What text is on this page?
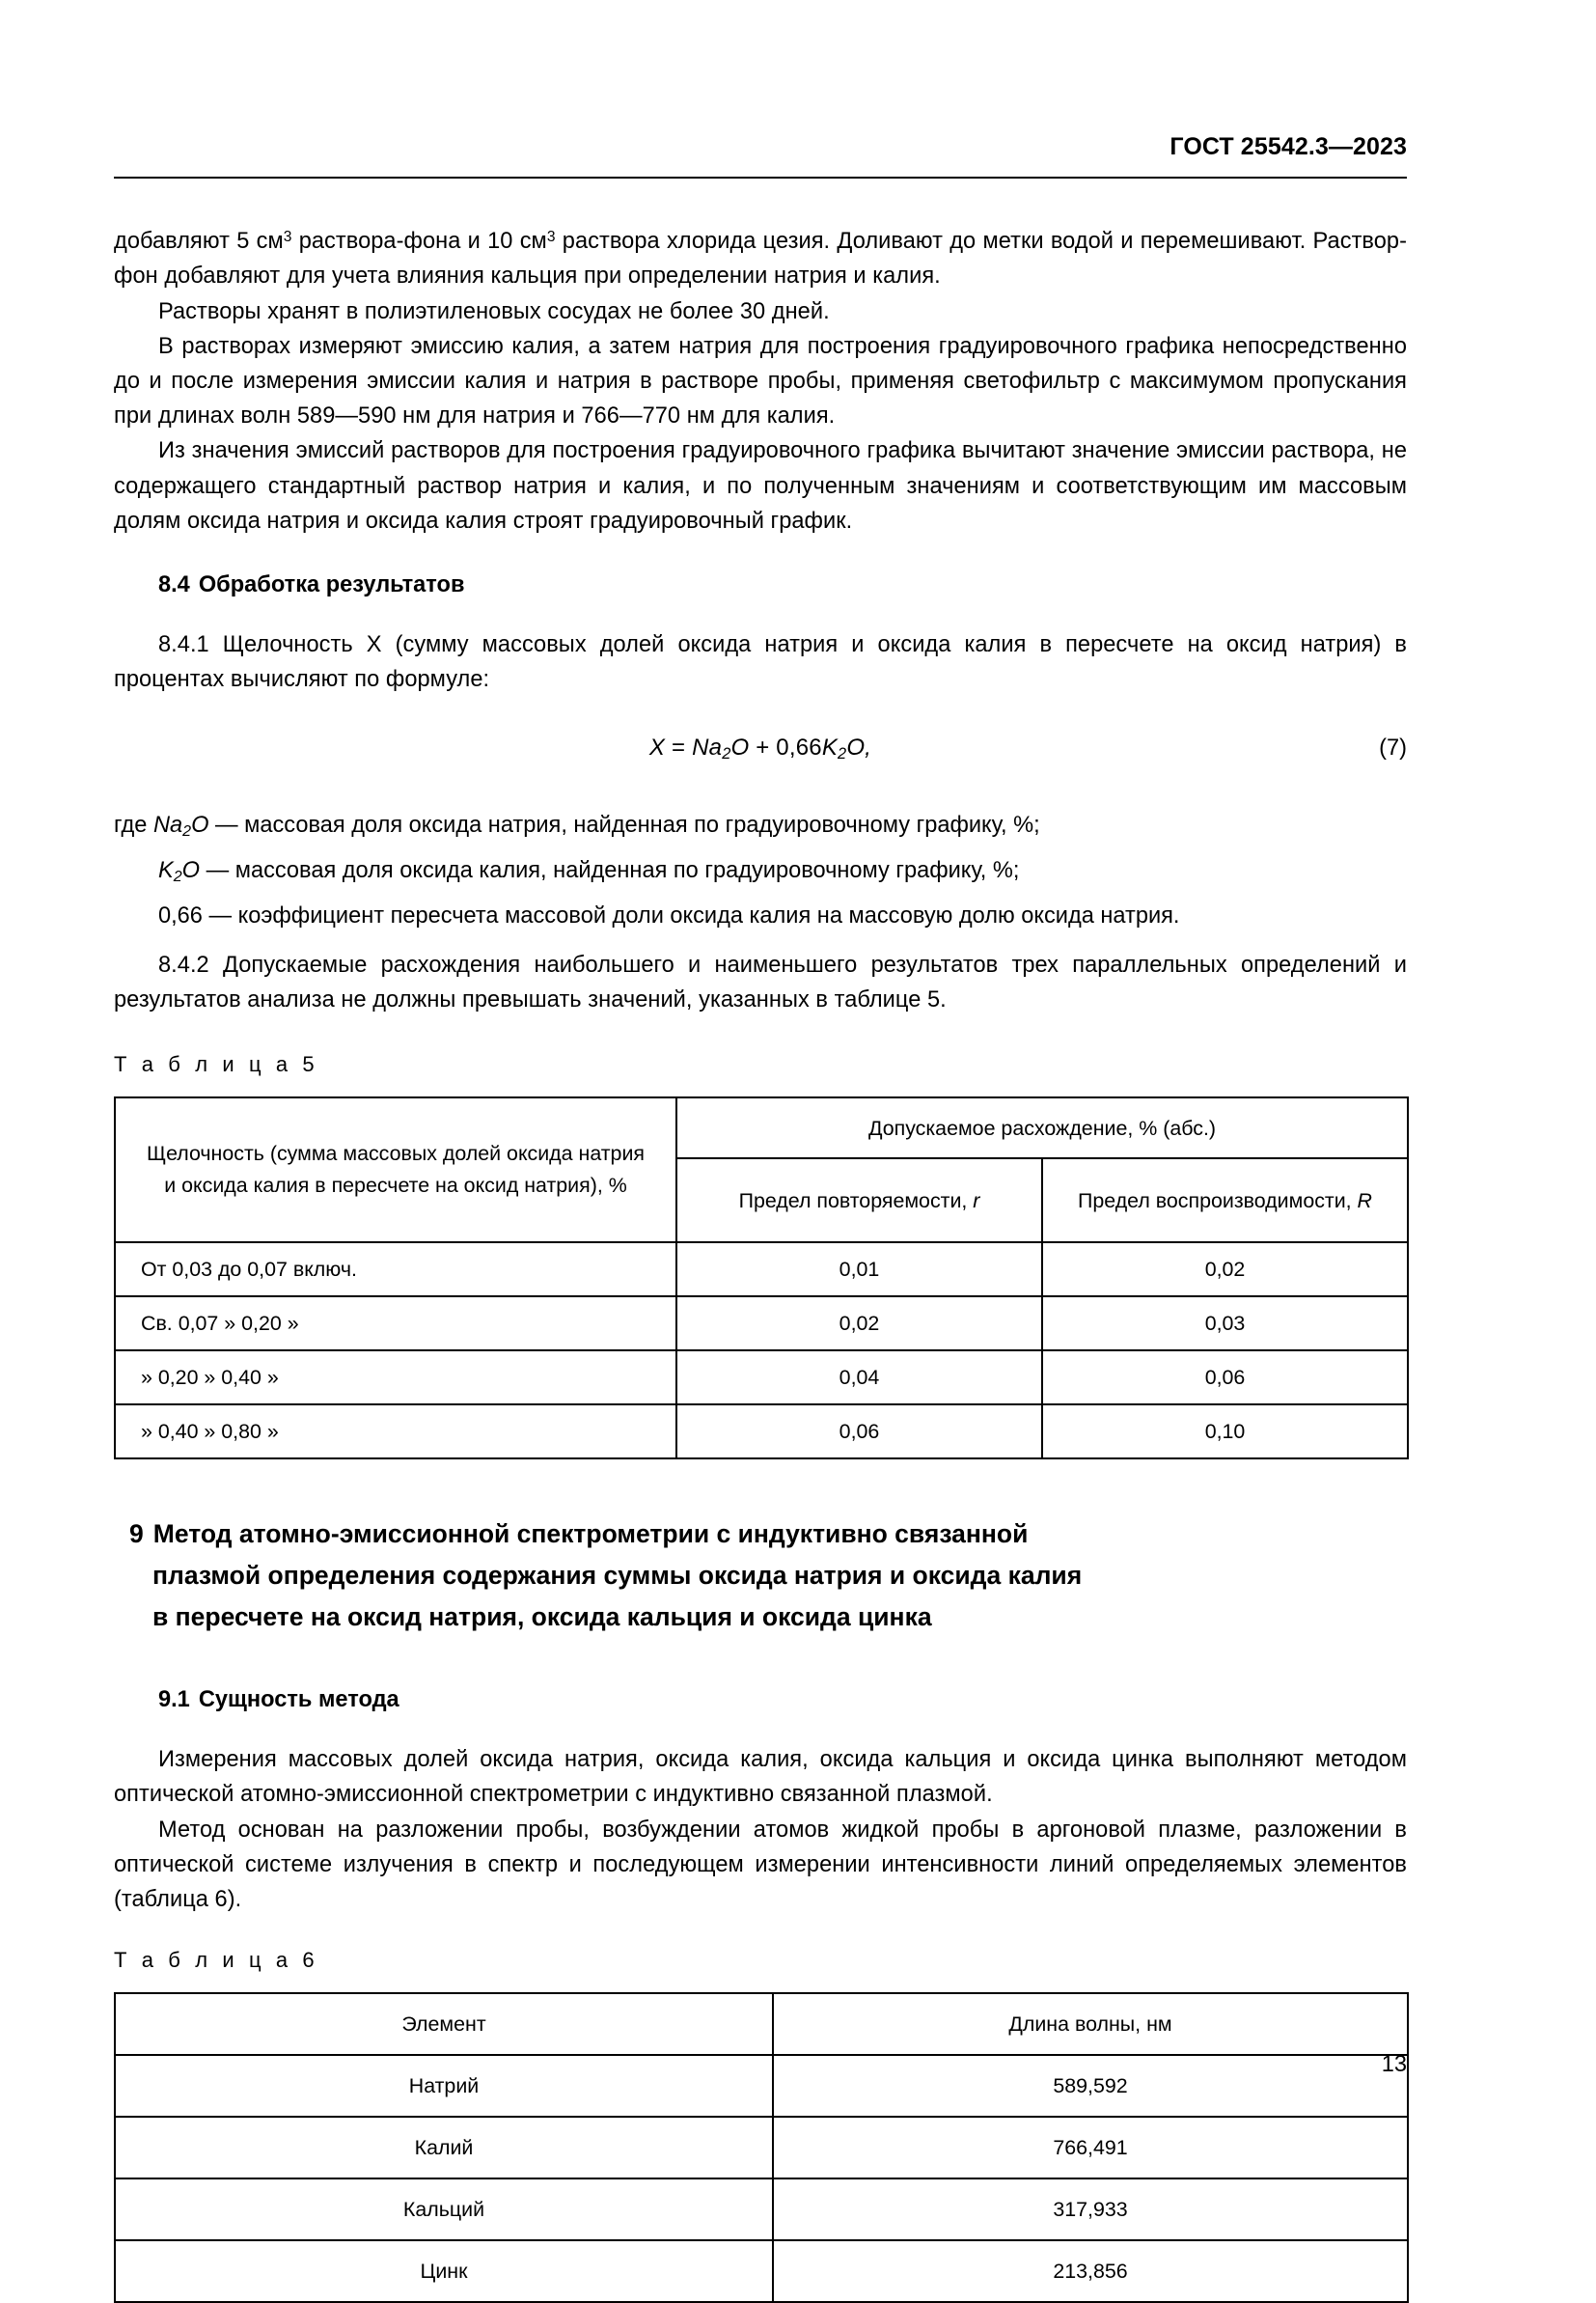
ГОСТ 25542.3—2023

добавляют 5 $см^3$ раствора-фона и 10 $см^3$ раствора хлорида цезия. Доливают до метки водой и перемешивают. Раствор-фон добавляют для учета влияния кальция при определении натрия и калия.

Растворы хранят в полиэтиленовых сосудах не более 30 дней.

В растворах измеряют эмиссию калия, а затем натрия для построения градуировочного графика непосредственно до и после измерения эмиссии калия и натрия в растворе пробы, применяя светофильтр с максимумом пропускания при длинах волн 589—590 нм для натрия и 766—770 нм для калия.

Из значения эмиссий растворов для построения градуировочного графика вычитают значение эмиссии раствора, не содержащего стандартный раствор натрия и калия, и по полученным значениям и соответствующим им массовым долям оксида натрия и оксида калия строят градуировочный график.

8.4 Обработка результатов

8.4.1 Щелочность X (сумму массовых долей оксида натрия и оксида калия в пересчете на оксид натрия) в процентах вычисляют по формуле:

$X = Na_2O + 0,66K_2O$,	(7)

где $Na_2O$ — массовая доля оксида натрия, найденная по градуировочному графику, %;

$K_2O$ — массовая доля оксида калия, найденная по градуировочному графику, %;

0,66 — коэффициент пересчета массовой доли оксида калия на массовую долю оксида натрия.

8.4.2 Допускаемые расхождения наибольшего и наименьшего результатов трех параллельных определений и результатов анализа не должны превышать значений, указанных в таблице 5.

Т а б л и ц а 5

Щелочность (сумма массовых долей оксида натрия
и оксида калия в пересчете на оксид натрия), %	Допускаемое расхождение, % (абс.)	

	Предел повторяемости, r	Предел воспроизводимости, R

От 0,03 до 0,07 включ.	0,01	0,02

Св. 0,07 » 0,20 »	0,02	0,03

» 0,20 » 0,40 »	0,04	0,06

» 0,40 » 0,80 »	0,06	0,10

9 Метод атомно-эмиссионной спектрометрии с индуктивно связанной
плазмой определения содержания суммы оксида натрия и оксида калия
в пересчете на оксид натрия, оксида кальция и оксида цинка

9.1 Сущность метода

Измерения массовых долей оксида натрия, оксида калия, оксида кальция и оксида цинка выполняют методом оптической атомно-эмиссионной спектрометрии с индуктивно связанной плазмой.

Метод основан на разложении пробы, возбуждении атомов жидкой пробы в аргоновой плазме, разложении в оптической системе излучения в спектр и последующем измерении интенсивности линий определяемых элементов (таблица 6).

Т а б л и ц а 6

Элемент	Длина волны, нм
Натрий	589,592
Калий	766,491
Кальций	317,933
Цинк	213,856
13
